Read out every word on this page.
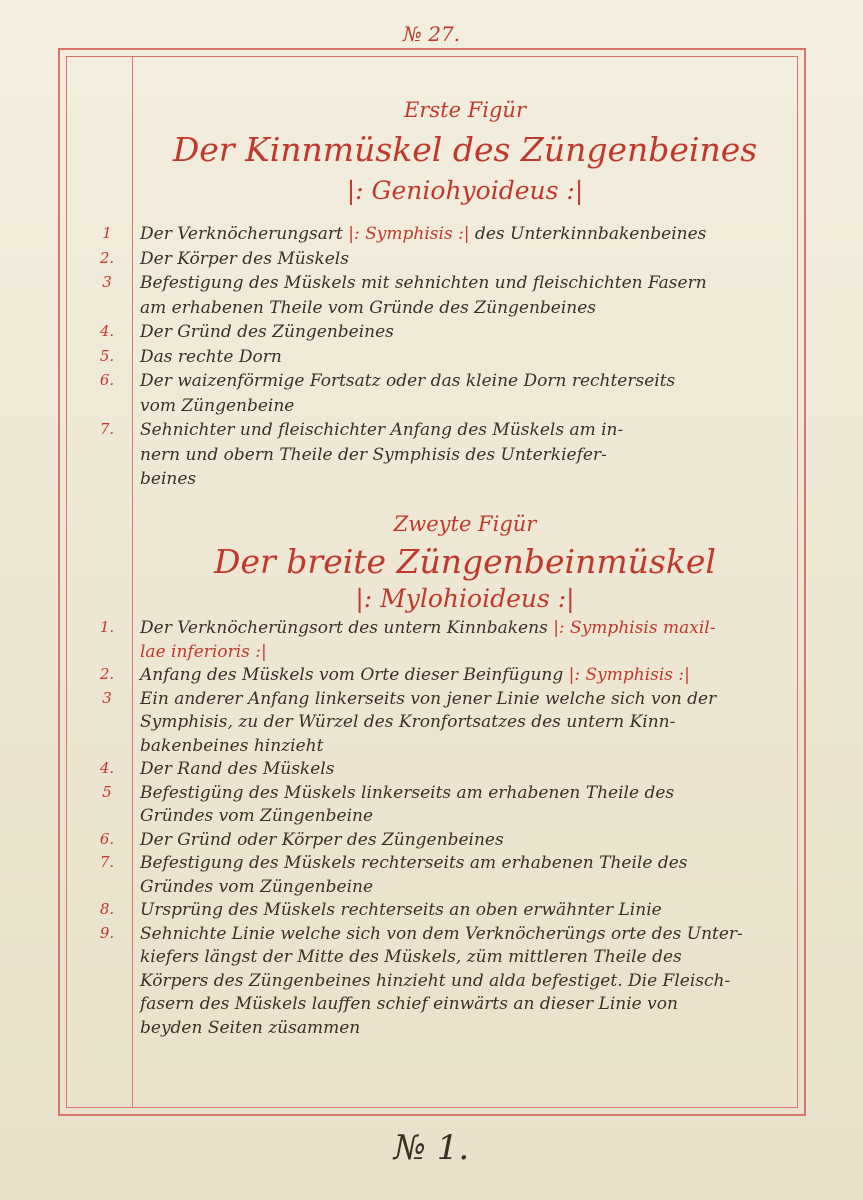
№ 27.
Erste Figür
Der Kinnmüskel des Züngenbeines
|: Geniohyoideus :|
1	Der Verknöcherungsart |: Symphisis :| des Unterkinnbakenbeines
2. Der Körper des Müskels
3	Befestigung des Müskels mit sehnichten und fleischichten Fasern
am erhabenen Theile vom Gründe des Züngenbeines
4. Der Gründ des Züngenbeines
5. Das rechte Dorn
6. Der waizenförmige Fortsatz oder das kleine Dorn rechterseits
vom Züngenbeine
7. Sehnichter und fleischichter Anfang des Müskels am in-
nern und obern Theile der Symphisis des Unterkiefer-
beines
Zweyte Figür
Der breite Züngenbeinmüskel
|: Mylohioideus :|
1. Der Verknöcherüngsort des untern Kinnbakens |: Symphisis maxil-
lae inferioris :|
2. Anfang des Müskels vom Orte dieser Beinfügung |: Symphisis :|
3	Ein anderer Anfang linkerseits von jener Linie welche sich von der
Symphisis, zu der Würzel des Kronfortsatzes des untern Kinn-
bakenbeines hinzieht
4. Der Rand des Müskels
5	Befestigüng des Müskels linkerseits am erhabenen Theile des
Gründes vom Züngenbeine
6. Der Gründ oder Körper des Züngenbeines
7. Befestigung des Müskels rechterseits am erhabenen Theile des
Gründes vom Züngenbeine
8. Ursprüng des Müskels rechterseits an oben erwähnter Linie
9. Sehnichte Linie welche sich von dem Verknöcherüngs orte des Unter-
kiefers längst der Mitte des Müskels, züm mittleren Theile des
Körpers des Züngenbeines hinzieht und alda befestiget. Die Fleisch-
fasern des Müskels lauffen schief einwärts an dieser Linie von
beyden Seiten züsammen
№ 1.
